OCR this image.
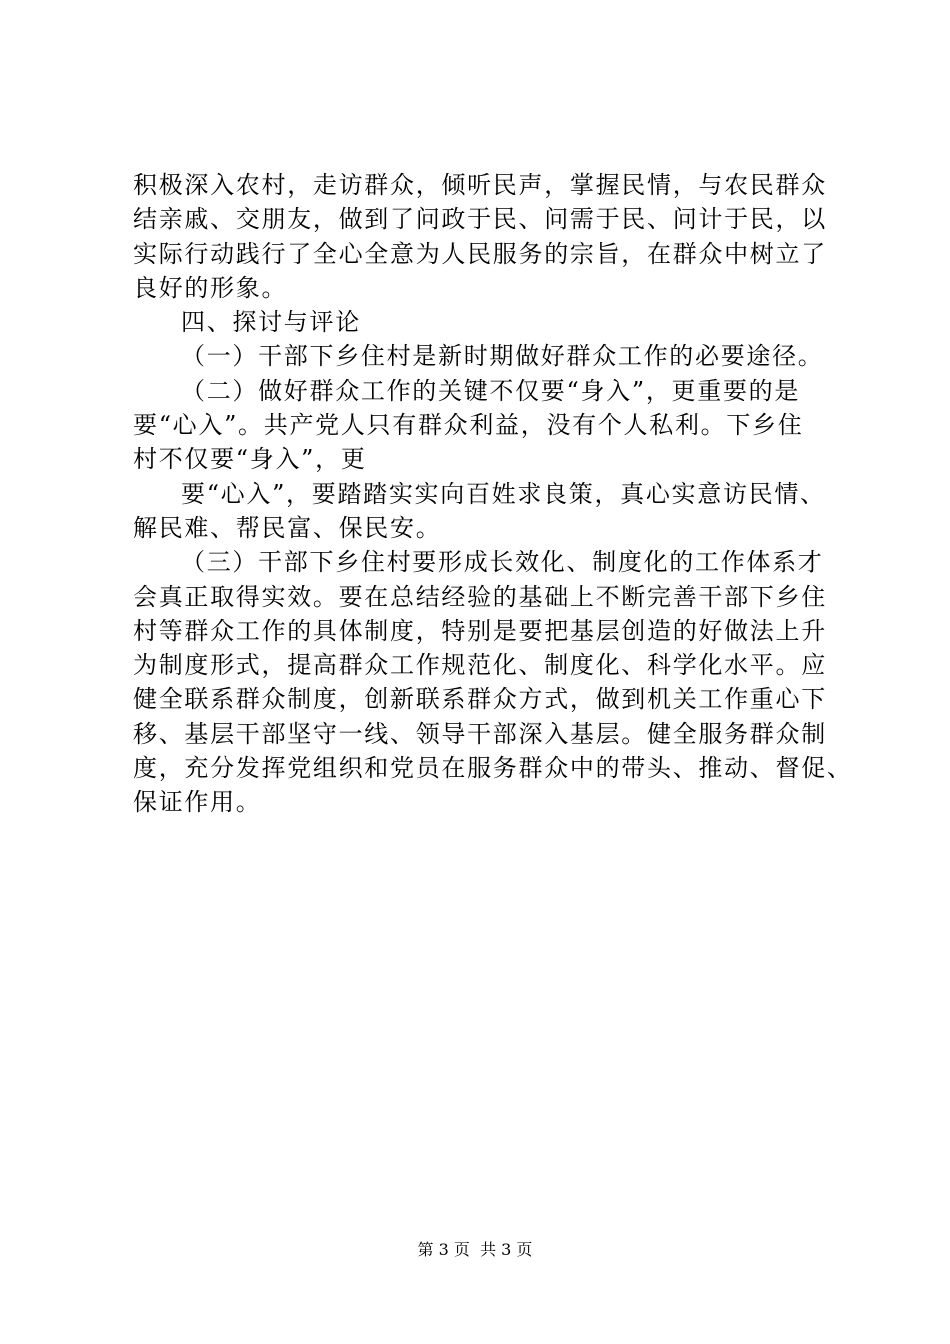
积极深入农村，走访群众，倾听民声，掌握民情，与农民群众
结亲戚、交朋友，做到了问政于民、问需于民、问计于民，以
实际行动践行了全心全意为人民服务的宗旨，在群众中树立了
良好的形象。
四、探讨与评论
（一）干部下乡住村是新时期做好群众工作的必要途径。
（二）做好群众工作的关键不仅要“身入”，更重要的是
要“心入”。共产党人只有群众利益，没有个人私利。下乡住
村不仅要“身入”，更
要“心入”，要踏踏实实向百姓求良策，真心实意访民情、
解民难、帮民富、保民安。
（三）干部下乡住村要形成长效化、制度化的工作体系才
会真正取得实效。要在总结经验的基础上不断完善干部下乡住
村等群众工作的具体制度，特别是要把基层创造的好做法上升
为制度形式，提高群众工作规范化、制度化、科学化水平。应
健全联系群众制度，创新联系群众方式，做到机关工作重心下
移、基层干部坚守一线、领导干部深入基层。健全服务群众制
度，充分发挥党组织和党员在服务群众中的带头、推动、督促、
保证作用。
第 3 页  共 3 页
